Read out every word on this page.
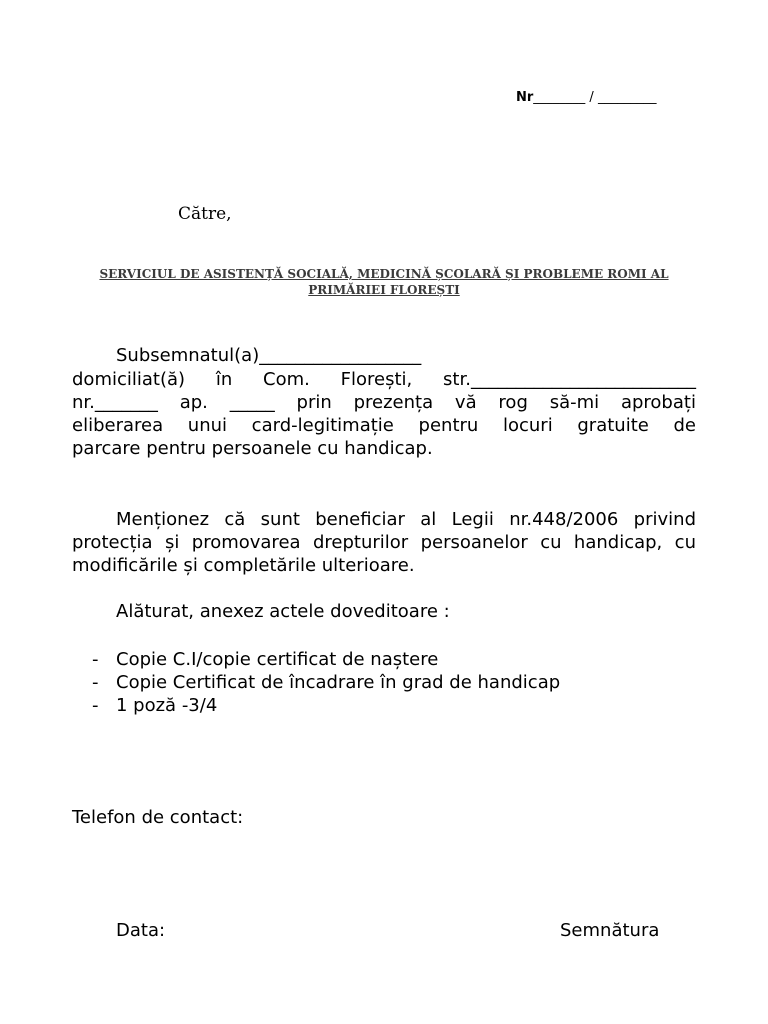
Nr________ / _________
Către,
SERVICIUL DE ASISTENȚĂ SOCIALĂ, MEDICINĂ ȘCOLARĂ ȘI PROBLEME ROMI AL
PRIMĂRIEI FLOREȘTI
Subsemnatul(a)__________________
domiciliat(ă) în Com. Florești, str._________________________
nr._______ ap. _____ prin prezența vă rog să-mi aprobați
eliberarea unui card-legitimație pentru locuri gratuite de
parcare pentru persoanele cu handicap.
Menționez că sunt beneficiar al Legii nr.448/2006 privind
protecția și promovarea drepturilor persoanelor cu handicap, cu
modificările și completările ulterioare.
Alăturat, anexez actele doveditoare :
- Copie C.I/copie certificat de naștere
- Copie Certificat de încadrare în grad de handicap
- 1 poză -3/4
Telefon de contact:
Data:	Semnătura
